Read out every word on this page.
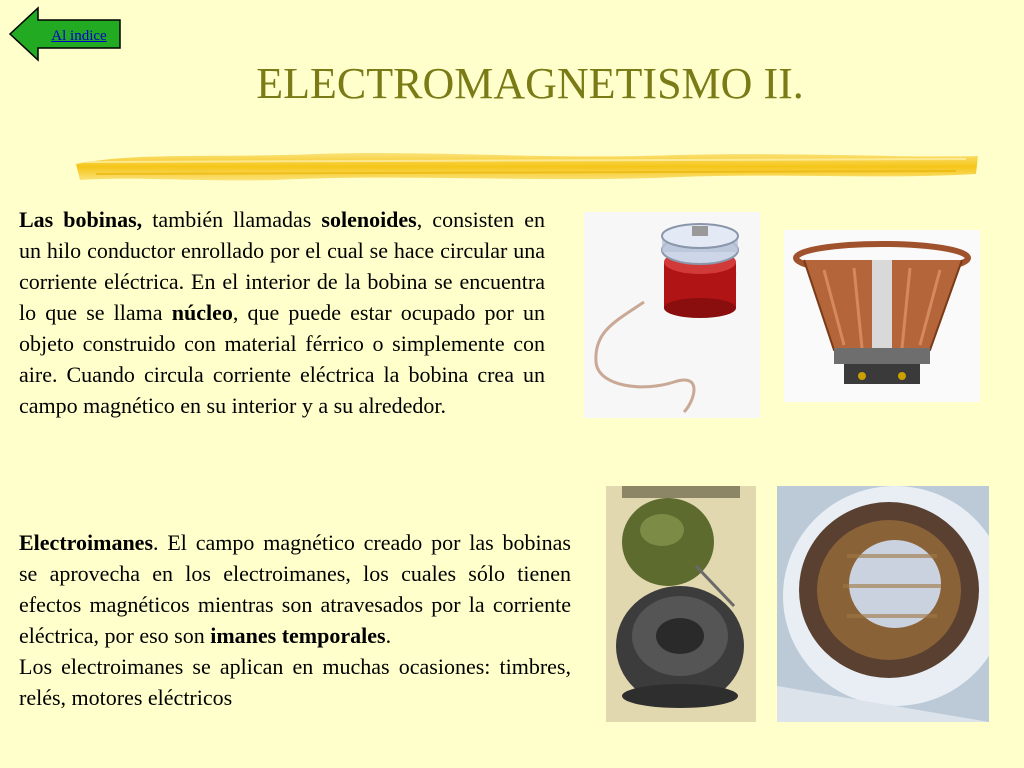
Al indice
ELECTROMAGNETISMO II.

Las bobinas, también llamadas solenoides, consisten en un hilo conductor enrollado por el cual se hace circular una corriente eléctrica. En el interior de la bobina se encuentra lo que se llama núcleo, que puede estar ocupado por un objeto construido con material férrico o simplemente con aire. Cuando circula corriente eléctrica la bobina crea un campo magnético en su interior y a su alrededor.

Electroimanes. El campo magnético creado por las bobinas se aprovecha en los electroimanes, los cuales sólo tienen efectos magnéticos mientras son atravesados por la corriente eléctrica, por eso son imanes temporales.
Los electroimanes se aplican en muchas ocasiones: timbres, relés, motores eléctricos
